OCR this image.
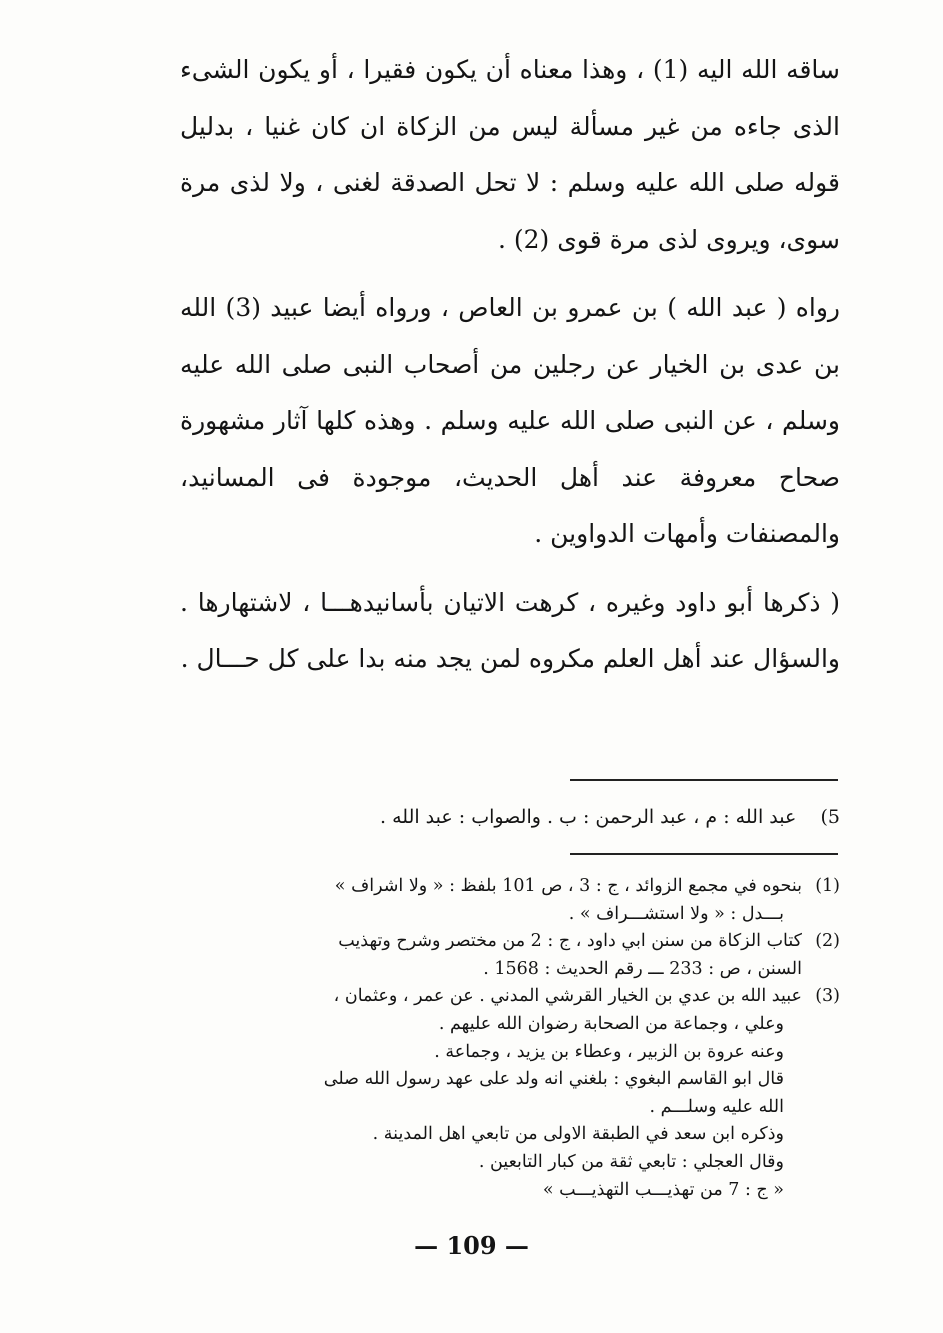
ساقه الله اليه (1) ، وهذا معناه أن يكون فقيرا ، أو يكون الشىء الذى جاءه من غير مسألة ليس من الزكاة ان كان غنيا ، بدليل قوله صلى الله عليه وسلم : لا تحل الصدقة لغنى ، ولا لذى مرة سوى، ويروى لذى مرة قوى (2) .

رواه ( عبد الله ) بن عمرو بن العاص ، ورواه أيضا عبيد (3) الله بن عدى بن الخيار عن رجلين من أصحاب النبى صلى الله عليه وسلم ، عن النبى صلى الله عليه وسلم . وهذه كلها آثار مشهورة صحاح معروفة عند أهل الحديث، موجودة فى المسانيد، والمصنفات وأمهات الدواوين .

( ذكرها أبو داود وغيره ، كرهت الاتيان بأسانيدهـــا ، لاشتهارها . والسؤال عند أهل العلم مكروه لمن يجد منه بدا على كل حـــال .

5)    عبد الله : م ، عبد الرحمن : ب . والصواب : عبد الله .

(1)
بنحوه في مجمع الزوائد ، ج : 3 ، ص 101 بلفظ : « ولا اشراف »
بـــدل : « ولا استشـــراف » .
(2)
كتاب الزكاة من سنن ابي داود ، ج : 2 من مختصر وشرح وتهذيب
السنن ، ص : 233 ـــ رقم الحديث : 1568 .
(3)
عبيد الله بن عدي بن الخيار القرشي المدني . عن عمر ، وعثمان ،
وعلي ، وجماعة من الصحابة رضوان الله عليهم .
وعنه عروة بن الزبير ، وعطاء بن يزيد ، وجماعة .
قال ابو القاسم البغوي : بلغني انه ولد على عهد رسول الله صلى
الله عليه وسلـــم .
وذكره ابن سعد في الطبقة الاولى من تابعي اهل المدينة .
وقال العجلي : تابعي ثقة من كبار التابعين .
« ج : 7 من تهذيـــب التهذيـــب »
— 109 —
